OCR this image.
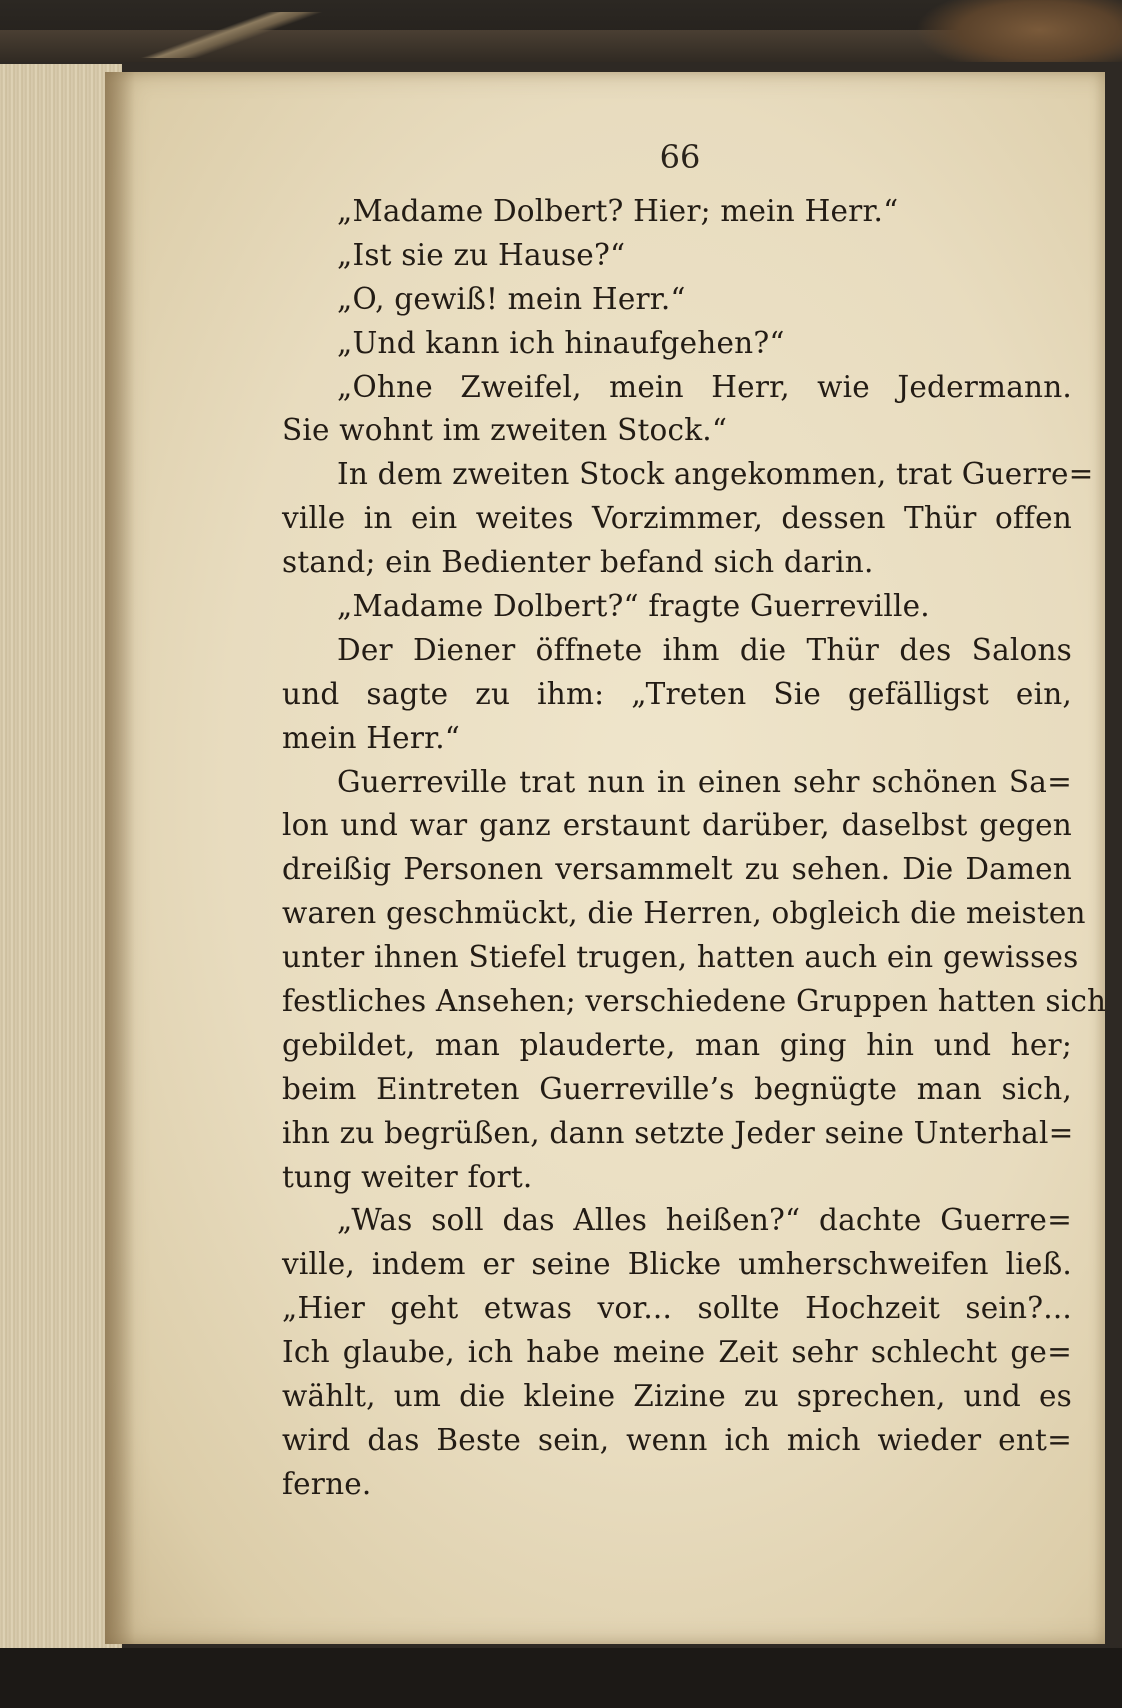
66
„Madame Dolbert? Hier; mein Herr.“
„Ist sie zu Hause?“
„O, gewiß! mein Herr.“
„Und kann ich hinaufgehen?“
„Ohne Zweifel, mein Herr, wie Jedermann.
Sie wohnt im zweiten Stock.“
In dem zweiten Stock angekommen, trat Guerre=
ville in ein weites Vorzimmer, dessen Thür offen
stand; ein Bedienter befand sich darin.
„Madame Dolbert?“ fragte Guerreville.
Der Diener öffnete ihm die Thür des Salons
und sagte zu ihm: „Treten Sie gefälligst ein,
mein Herr.“
Guerreville trat nun in einen sehr schönen Sa=
lon und war ganz erstaunt darüber, daselbst gegen
dreißig Personen versammelt zu sehen. Die Damen
waren geschmückt, die Herren, obgleich die meisten
unter ihnen Stiefel trugen, hatten auch ein gewisses
festliches Ansehen; verschiedene Gruppen hatten sich
gebildet, man plauderte, man ging hin und her;
beim Eintreten Guerreville’s begnügte man sich,
ihn zu begrüßen, dann setzte Jeder seine Unterhal=
tung weiter fort.
„Was soll das Alles heißen?“ dachte Guerre=
ville, indem er seine Blicke umherschweifen ließ.
„Hier geht etwas vor... sollte Hochzeit sein?...
Ich glaube, ich habe meine Zeit sehr schlecht ge=
wählt, um die kleine Zizine zu sprechen, und es
wird das Beste sein, wenn ich mich wieder ent=
ferne.
